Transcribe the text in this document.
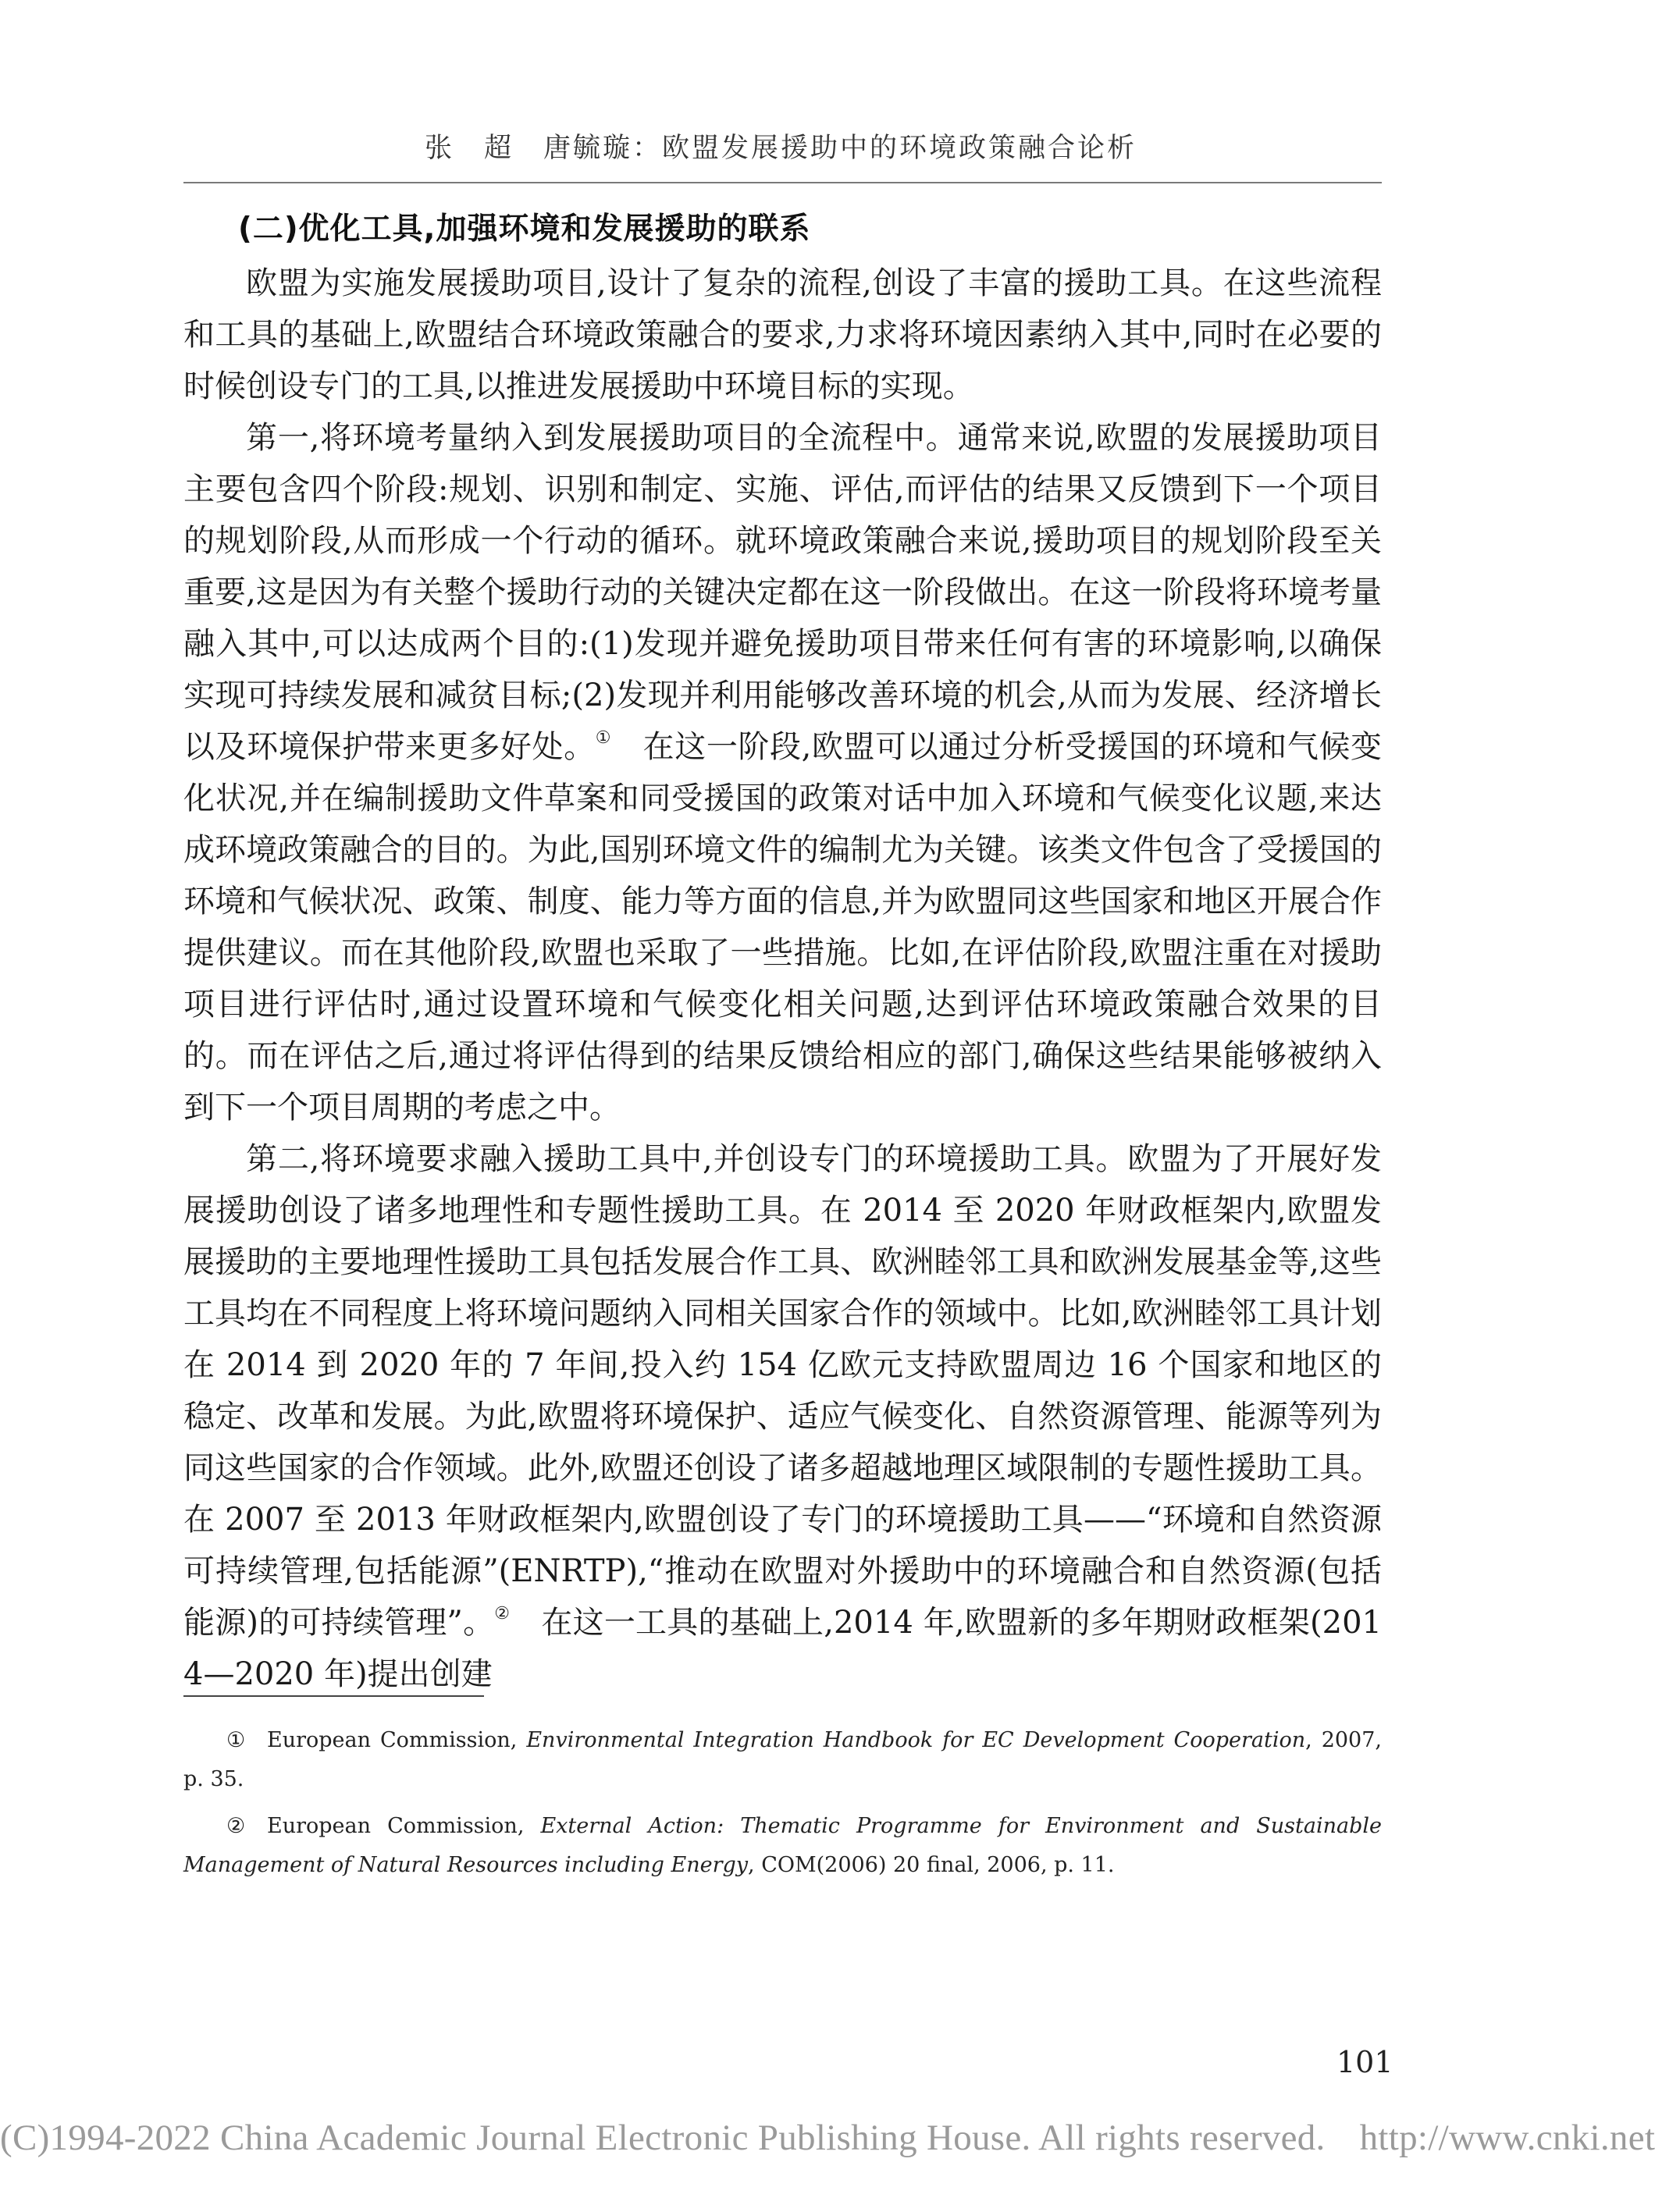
张　超　唐毓璇：欧盟发展援助中的环境政策融合论析
(二)优化工具,加强环境和发展援助的联系

欧盟为实施发展援助项目,设计了复杂的流程,创设了丰富的援助工具。在这些流程和工具的基础上,欧盟结合环境政策融合的要求,力求将环境因素纳入其中,同时在必要的时候创设专门的工具,以推进发展援助中环境目标的实现。

第一,将环境考量纳入到发展援助项目的全流程中。通常来说,欧盟的发展援助项目主要包含四个阶段:规划、识别和制定、实施、评估,而评估的结果又反馈到下一个项目的规划阶段,从而形成一个行动的循环。就环境政策融合来说,援助项目的规划阶段至关重要,这是因为有关整个援助行动的关键决定都在这一阶段做出。在这一阶段将环境考量融入其中,可以达成两个目的:(1)发现并避免援助项目带来任何有害的环境影响,以确保实现可持续发展和减贫目标;(2)发现并利用能够改善环境的机会,从而为发展、经济增长以及环境保护带来更多好处。①　在这一阶段,欧盟可以通过分析受援国的环境和气候变化状况,并在编制援助文件草案和同受援国的政策对话中加入环境和气候变化议题,来达成环境政策融合的目的。为此,国别环境文件的编制尤为关键。该类文件包含了受援国的环境和气候状况、政策、制度、能力等方面的信息,并为欧盟同这些国家和地区开展合作提供建议。而在其他阶段,欧盟也采取了一些措施。比如,在评估阶段,欧盟注重在对援助项目进行评估时,通过设置环境和气候变化相关问题,达到评估环境政策融合效果的目的。而在评估之后,通过将评估得到的结果反馈给相应的部门,确保这些结果能够被纳入到下一个项目周期的考虑之中。

第二,将环境要求融入援助工具中,并创设专门的环境援助工具。欧盟为了开展好发展援助创设了诸多地理性和专题性援助工具。在 2014 至 2020 年财政框架内,欧盟发展援助的主要地理性援助工具包括发展合作工具、欧洲睦邻工具和欧洲发展基金等,这些工具均在不同程度上将环境问题纳入同相关国家合作的领域中。比如,欧洲睦邻工具计划在 2014 到 2020 年的 7 年间,投入约 154 亿欧元支持欧盟周边 16 个国家和地区的稳定、改革和发展。为此,欧盟将环境保护、适应气候变化、自然资源管理、能源等列为同这些国家的合作领域。此外,欧盟还创设了诸多超越地理区域限制的专题性援助工具。在 2007 至 2013 年财政框架内,欧盟创设了专门的环境援助工具——“环境和自然资源可持续管理,包括能源”(ENRTP),“推动在欧盟对外援助中的环境融合和自然资源(包括能源)的可持续管理”。②　在这一工具的基础上,2014 年,欧盟新的多年期财政框架(2014—2020 年)提出创建

① European Commission, Environmental Integration Handbook for EC Development Cooperation, 2007, p. 35.

② European Commission, External Action: Thematic Programme for Environment and Sustainable Management of Natural Resources including Energy, COM(2006) 20 final, 2006, p. 11.

101
(C)1994-2022 China Academic Journal Electronic Publishing House. All rights reserved. http://www.cnki.net
